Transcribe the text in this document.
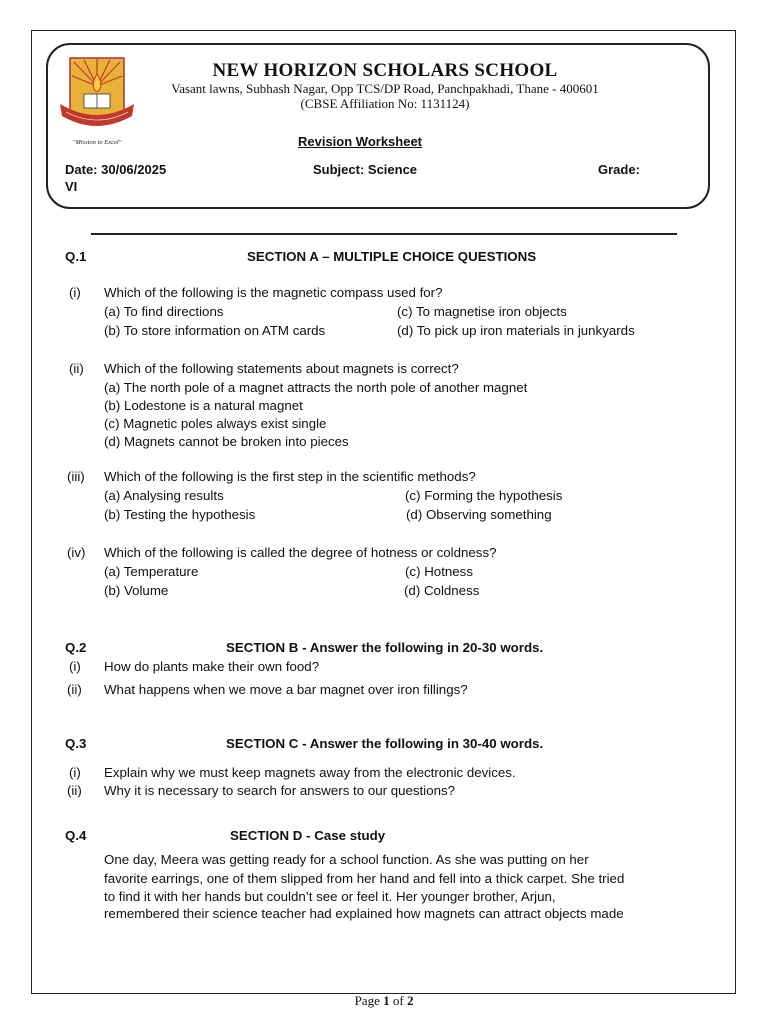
"Mission to Excel"
NEW HORIZON SCHOLARS SCHOOL
Vasant lawns, Subhash Nagar, Opp TCS/DP Road, Panchpakhadi, Thane - 400601
(CBSE Affiliation No: 1131124)
Revision Worksheet
Date: 30/06/2025	Subject: Science	Grade:
VI
Q.1	SECTION A – MULTIPLE CHOICE QUESTIONS
(i) Which of the following is the magnetic compass used for?
(a) To find directions	(c) To magnetise iron objects
(b) To store information on ATM cards	(d) To pick up iron materials in junkyards
(ii) Which of the following statements about magnets is correct?
(a) The north pole of a magnet attracts the north pole of another magnet
(b) Lodestone is a natural magnet
(c) Magnetic poles always exist single
(d) Magnets cannot be broken into pieces
(iii) Which of the following is the first step in the scientific methods?
(a) Analysing results	(c) Forming the hypothesis
(b) Testing the hypothesis	(d) Observing something
(iv) Which of the following is called the degree of hotness or coldness?
(a) Temperature	(c) Hotness
(b) Volume	(d) Coldness
Q.2	SECTION B - Answer the following in 20-30 words.
(i) How do plants make their own food?
(ii) What happens when we move a bar magnet over iron fillings?
Q.3	SECTION C - Answer the following in 30-40 words.
(i) Explain why we must keep magnets away from the electronic devices.
(ii) Why it is necessary to search for answers to our questions?
Q.4	SECTION D - Case study
One day, Meera was getting ready for a school function. As she was putting on her
favorite earrings, one of them slipped from her hand and fell into a thick carpet. She tried
to find it with her hands but couldn’t see or feel it. Her younger brother, Arjun,
remembered their science teacher had explained how magnets can attract objects made
Page 1 of 2
